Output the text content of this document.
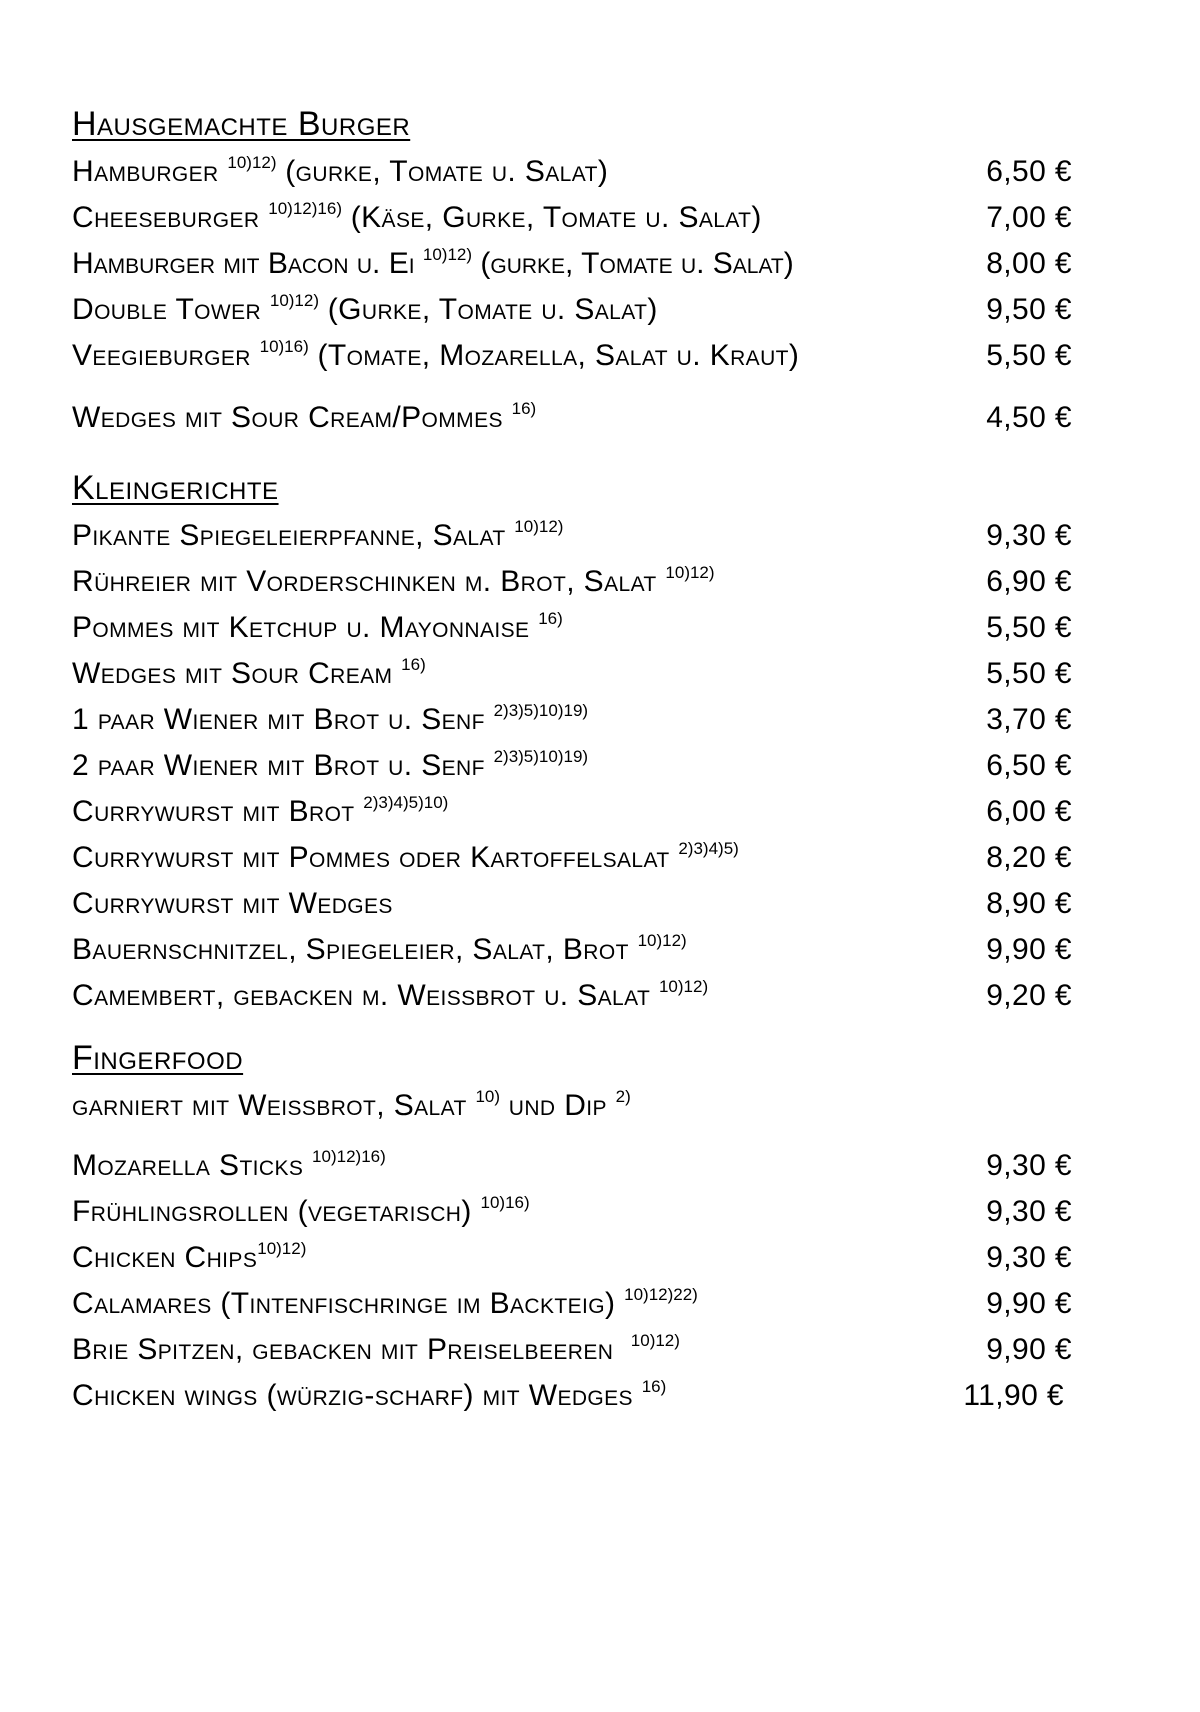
Hausgemachte Burger
Hamburger $^{10)12)}$ (gurke, Tomate u. Salat)	6,50 €
Cheeseburger $^{10)12)16)}$ (Käse, Gurke, Tomate u. Salat)	7,00 €
Hamburger mit Bacon u. Ei $^{10)12)}$ (gurke, Tomate u. Salat)	8,00 €
Double Tower $^{10)12)}$ (Gurke, Tomate u. Salat)	9,50 €
Veegieburger $^{10)16)}$ (Tomate, Mozarella, Salat u. Kraut)	5,50 €
Wedges mit Sour Cream/Pommes $^{16)}$	4,50 €
Kleingerichte
Pikante Spiegeleierpfanne, Salat $^{10)12)}$	9,30 €
Rühreier mit Vorderschinken m. Brot, Salat $^{10)12)}$	6,90 €
Pommes mit Ketchup u. Mayonnaise $^{16)}$	5,50 €
Wedges mit Sour Cream $^{16)}$	5,50 €
1 paar Wiener mit Brot u. Senf $^{2)3)5)10)19)}$	3,70 €
2 paar Wiener mit Brot u. Senf $^{2)3)5)10)19)}$	6,50 €
Currywurst mit Brot $^{2)3)4)5)10)}$	6,00 €
Currywurst mit Pommes oder Kartoffelsalat $^{2)3)4)5)}$	8,20 €
Currywurst mit Wedges	8,90 €
Bauernschnitzel, Spiegeleier, Salat, Brot $^{10)12)}$	9,90 €
Camembert, gebacken m. Weissbrot u. Salat $^{10)12)}$	9,20 €
Fingerfood
garniert mit Weissbrot, Salat $^{10)}$ und Dip $^{2)}$
Mozarella Sticks $^{10)12)16)}$	9,30 €
Frühlingsrollen (vegetarisch) $^{10)16)}$	9,30 €
Chicken Chips$^{10)12)}$	9,30 €
Calamares (Tintenfischringe im Backteig) $^{10)12)22)}$	9,90 €
Brie Spitzen, gebacken mit Preiselbeeren $^{10)12)}$	9,90 €
Chicken wings (würzig-scharf) mit Wedges $^{16)}$	11,90 €
